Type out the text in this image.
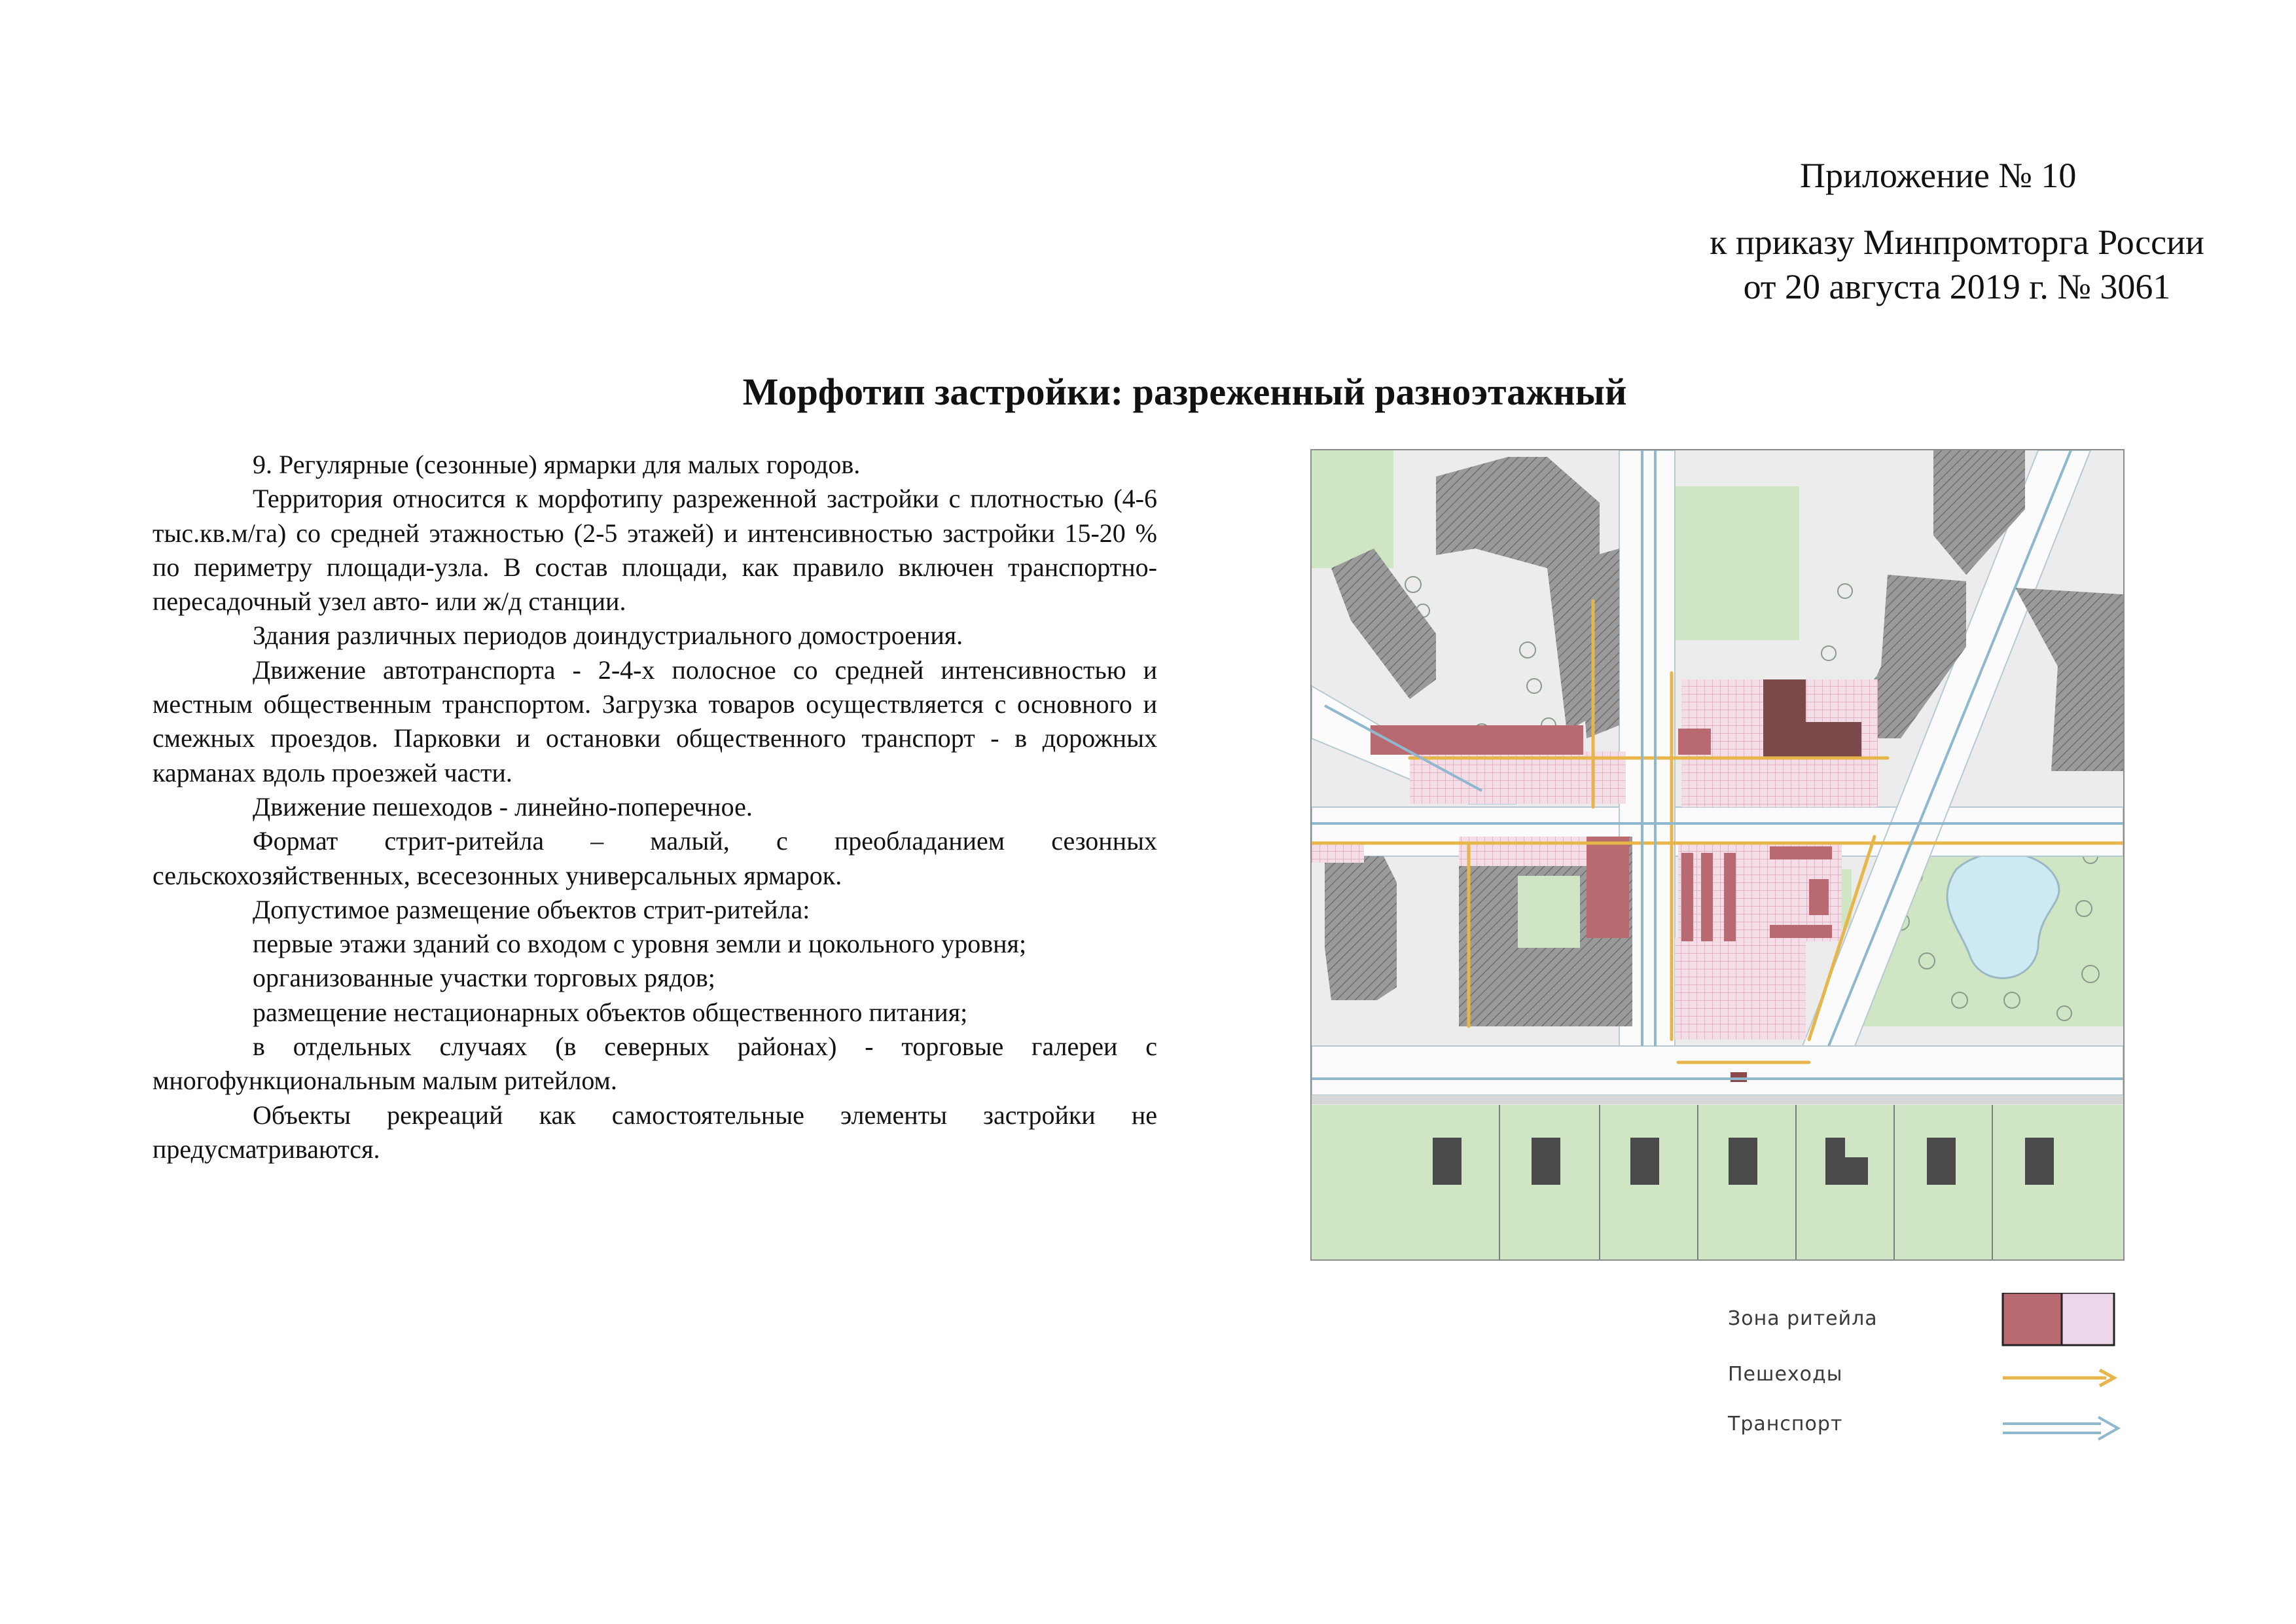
Приложение № 10
к приказу Минпромторга России
от 20 августа 2019 г. № 3061
Морфотип застройки: разреженный разноэтажный

9. Регулярные (сезонные) ярмарки для малых городов.

Территория относится к морфотипу разреженной застройки с плотностью (4-6 тыс.кв.м/га) со средней этажностью (2-5 этажей) и интенсивностью застройки 15-20 % по периметру площади-узла. В состав площади, как правило включен транспортно-пересадочный узел авто- или ж/д станции.

Здания различных периодов доиндустриального домостроения.

Движение автотранспорта - 2-4-х полосное со средней интенсивностью и местным общественным транспортом. Загрузка товаров осуществляется с основного и смежных проездов. Парковки и остановки общественного транспорт - в дорожных карманах вдоль проезжей части.

Движение пешеходов - линейно-поперечное.

Формат стрит-ритейла – малый, с преобладанием сезонных сельскохозяйственных, всесезонных универсальных ярмарок.

Допустимое размещение объектов стрит-ритейла:

первые этажи зданий со входом с уровня земли и цокольного уровня;

организованные участки торговых рядов;

размещение нестационарных объектов общественного питания;

в отдельных случаях (в северных районах) - торговые галереи с многофункциональным малым ритейлом.

Объекты рекреаций как самостоятельные элементы застройки не предусматриваются.

Зона ритейла
Пешеходы
Транспорт
